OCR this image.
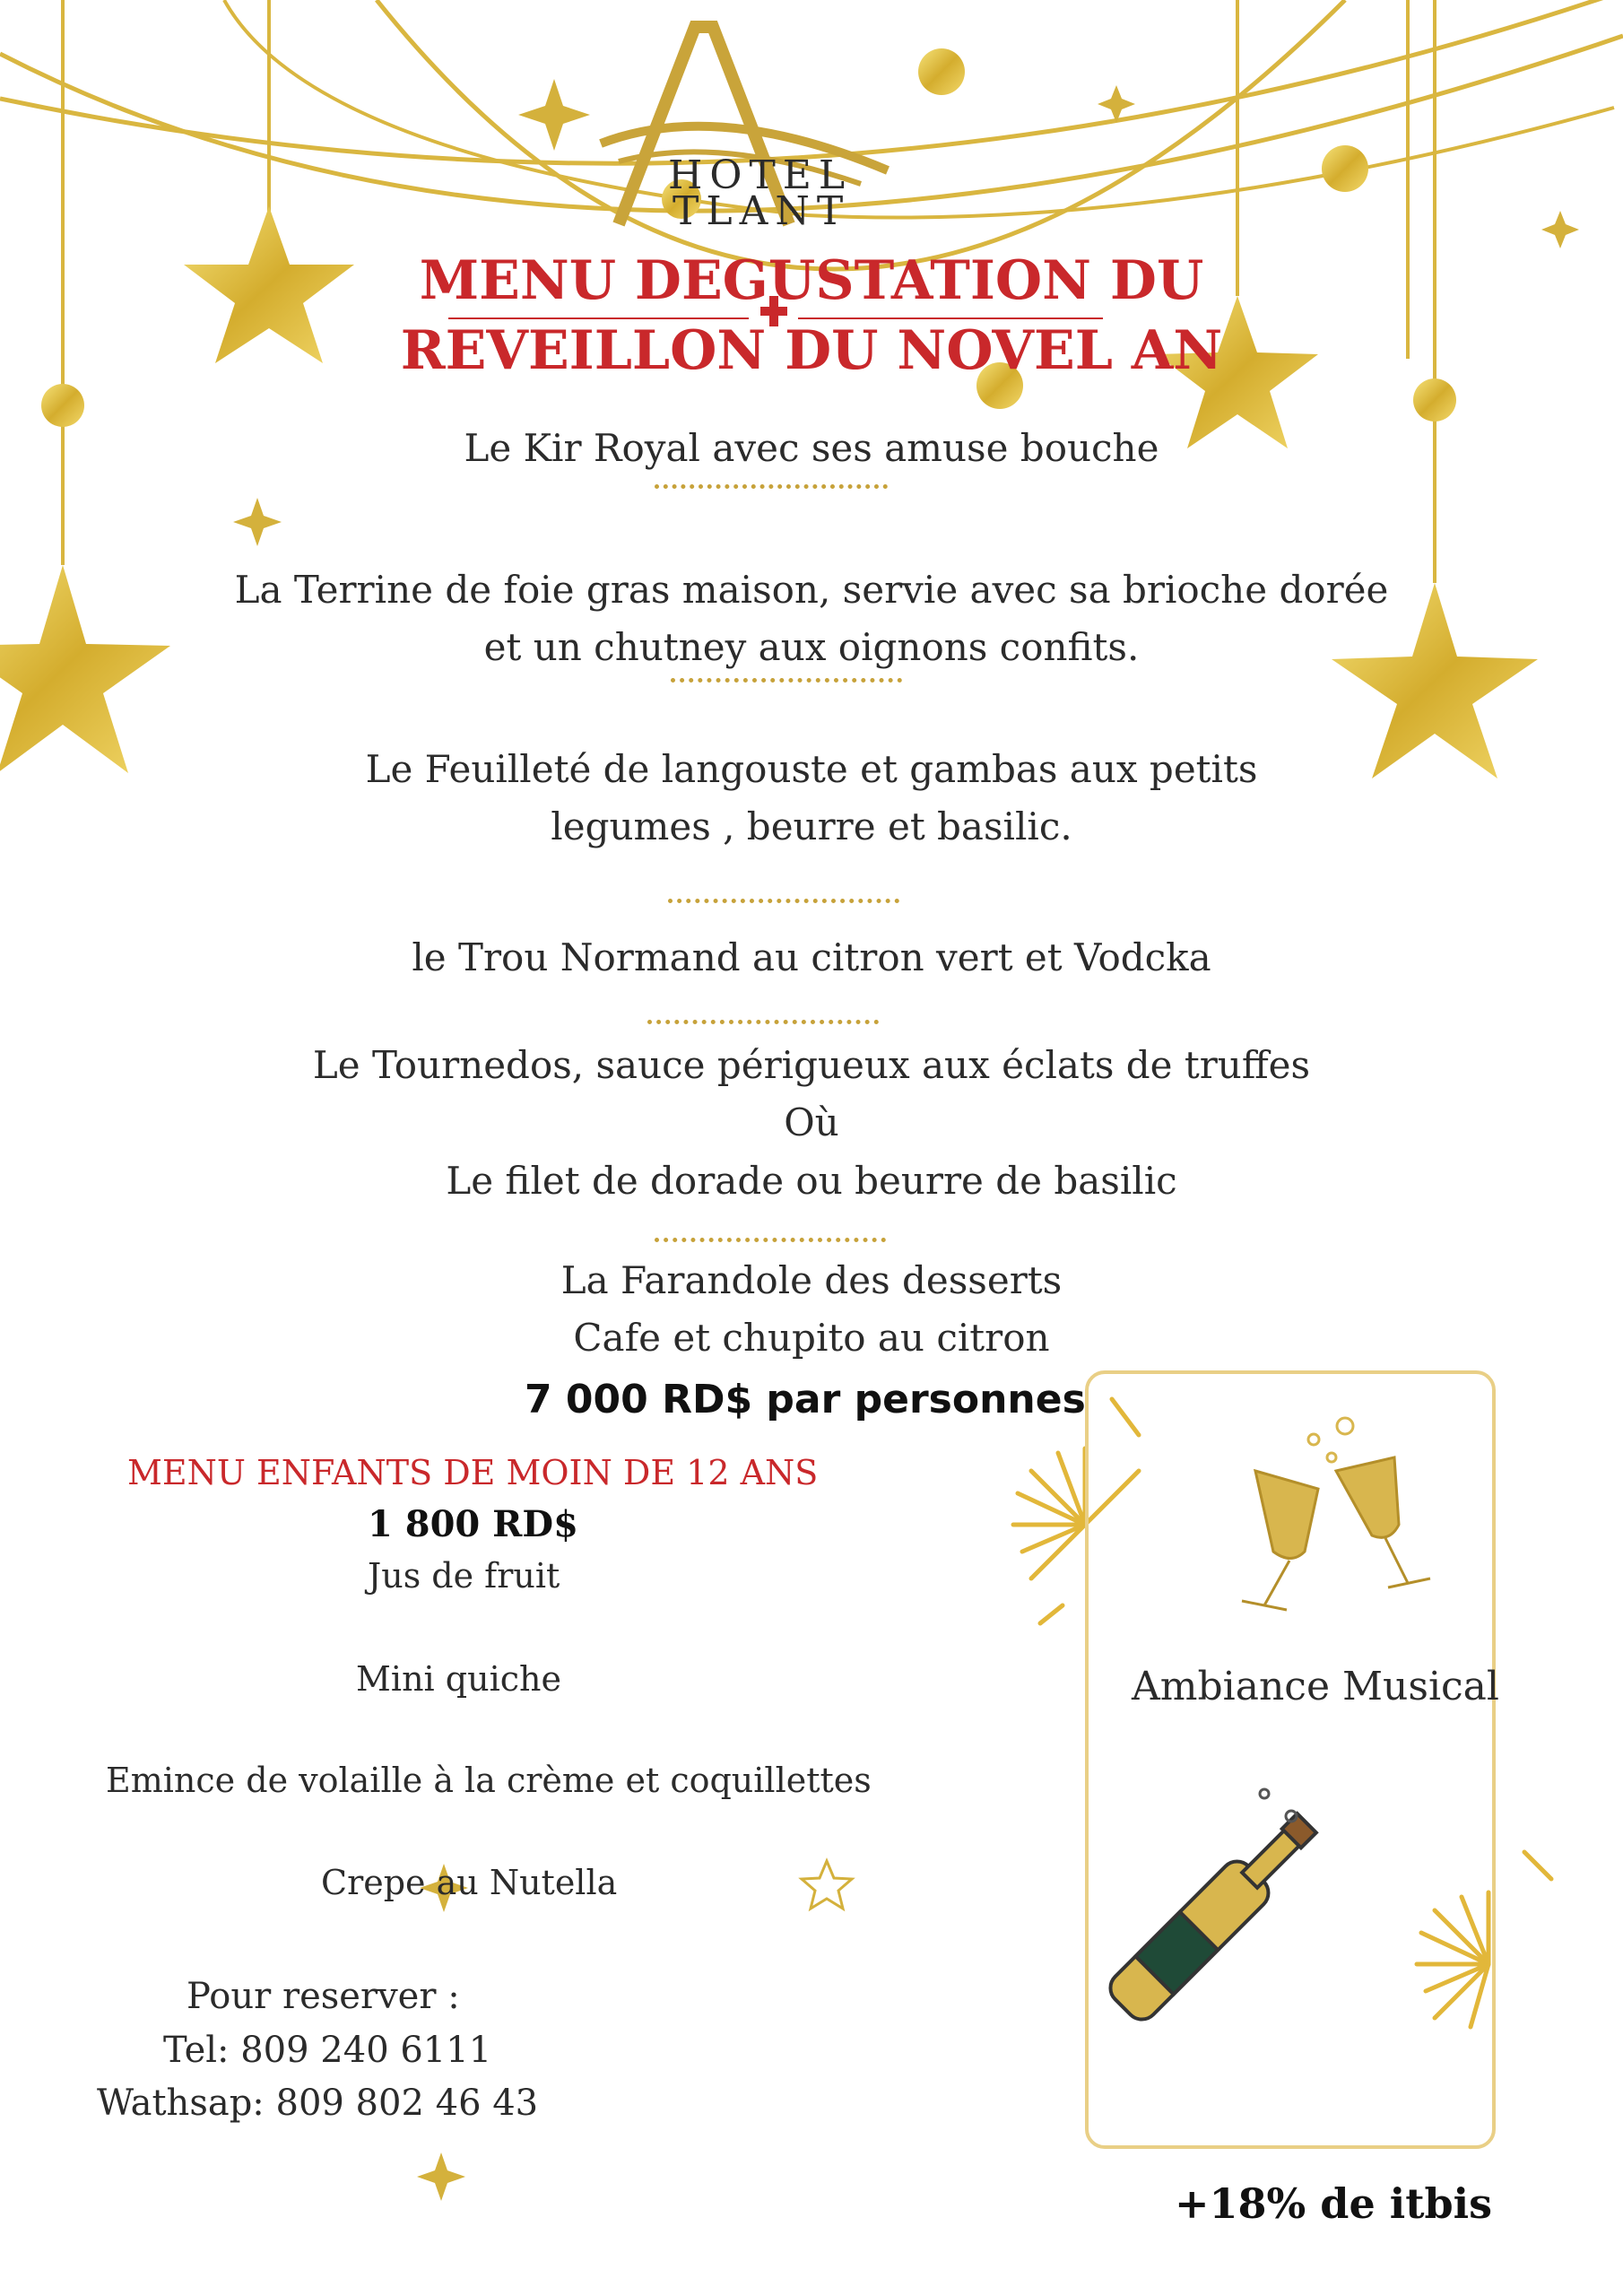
HOTEL
TLANT
MENU DEGUSTATION DU
REVEILLON DU NOVEL AN
Le Kir Royal avec ses amuse bouche
La Terrine de foie gras maison, servie avec sa brioche dorée
et un chutney aux oignons confits.
Le Feuilleté de langouste et gambas aux petits
legumes , beurre et basilic.
le Trou Normand au citron vert et Vodcka
Le Tournedos, sauce périgueux aux éclats de truffes
Où
Le filet de dorade ou beurre de basilic
La Farandole des desserts
Cafe et chupito au citron
7 000 RD$ par personnes
MENU ENFANTS DE MOIN DE 12 ANS
1 800 RD$
Jus de fruit
Mini quiche
Emince de volaille à la crème et coquillettes
Crepe au Nutella
Pour reserver :
Tel: 809 240 6111
Wathsap: 809 802 46 43
Ambiance Musical
+18% de itbis
